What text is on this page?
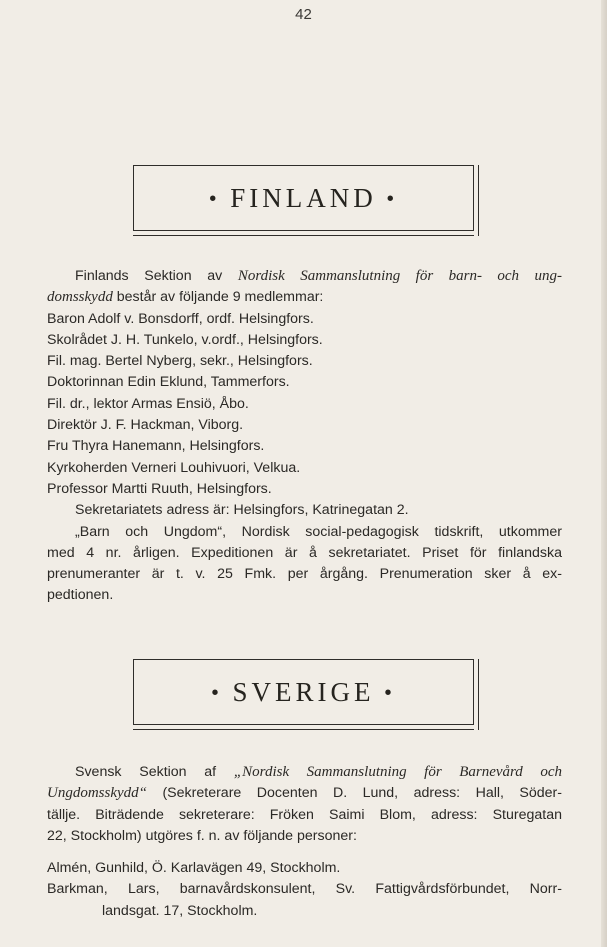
42
• FINLAND •
Finlands Sektion av Nordisk Sammanslutning för barn- och ung-
domsskydd består av följande 9 medlemmar:
Baron Adolf v. Bonsdorff, ordf. Helsingfors.
Skolrådet J. H. Tunkelo, v.ordf., Helsingfors.
Fil. mag. Bertel Nyberg, sekr., Helsingfors.
Doktorinnan Edin Eklund, Tammerfors.
Fil. dr., lektor Armas Ensiö, Åbo.
Direktör J. F. Hackman, Viborg.
Fru Thyra Hanemann, Helsingfors.
Kyrkoherden Verneri Louhivuori, Velkua.
Professor Martti Ruuth, Helsingfors.
Sekretariatets adress är: Helsingfors, Katrinegatan 2.
„Barn och Ungdom“, Nordisk social-pedagogisk tidskrift, utkommer
med 4 nr. årligen. Expeditionen är å sekretariatet. Priset för finlandska
prenumeranter är t. v. 25 Fmk. per årgång. Prenumeration sker å ex-
pedtionen.
• SVERIGE •
Svensk Sektion af „Nordisk Sammanslutning för Barnevård och
Ungdomsskydd“ (Sekreterare Docenten D. Lund, adress: Hall, Söder-
tällje. Biträdende sekreterare: Fröken Saimi Blom, adress: Sturegatan
22, Stockholm) utgöres f. n. av följande personer:
Almén, Gunhild, Ö. Karlavägen 49, Stockholm.
Barkman, Lars, barnavårdskonsulent, Sv. Fattigvårdsförbundet, Norr-
landsgat. 17, Stockholm.
